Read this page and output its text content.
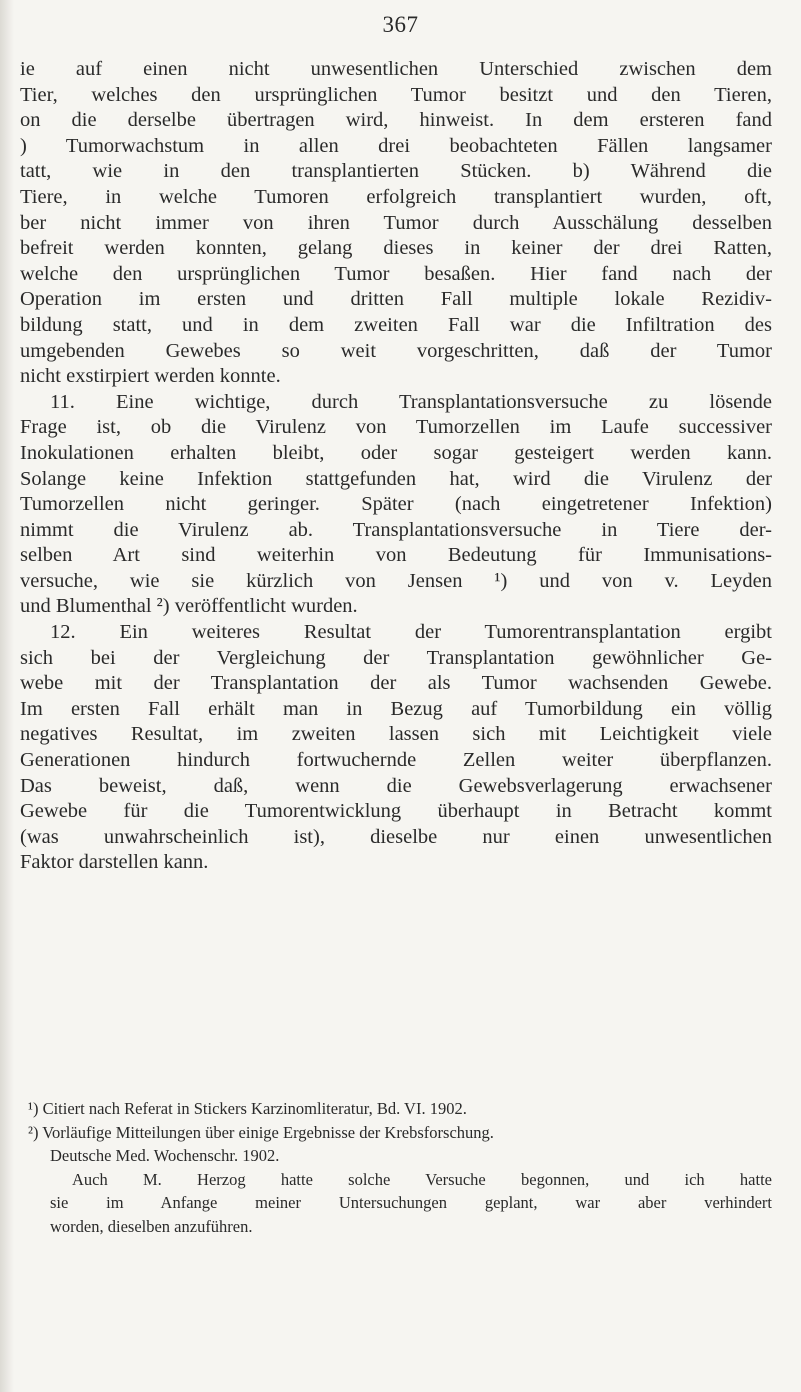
367
ie auf einen nicht unwesentlichen Unterschied zwischen dem
Tier, welches den ursprünglichen Tumor besitzt und den Tieren,
on die derselbe übertragen wird, hinweist. In dem ersteren fand
) Tumorwachstum in allen drei beobachteten Fällen langsamer
tatt, wie in den transplantierten Stücken. b) Während die
Tiere, in welche Tumoren erfolgreich transplantiert wurden, oft,
ber nicht immer von ihren Tumor durch Ausschälung desselben
befreit werden konnten, gelang dieses in keiner der drei Ratten,
welche den ursprünglichen Tumor besaßen. Hier fand nach der
Operation im ersten und dritten Fall multiple lokale Rezidiv-
bildung statt, und in dem zweiten Fall war die Infiltration des
umgebenden Gewebes so weit vorgeschritten, daß der Tumor
nicht exstirpiert werden konnte.
11. Eine wichtige, durch Transplantationsversuche zu lösende
Frage ist, ob die Virulenz von Tumorzellen im Laufe successiver
Inokulationen erhalten bleibt, oder sogar gesteigert werden kann.
Solange keine Infektion stattgefunden hat, wird die Virulenz der
Tumorzellen nicht geringer. Später (nach eingetretener Infektion)
nimmt die Virulenz ab. Transplantationsversuche in Tiere der-
selben Art sind weiterhin von Bedeutung für Immunisations-
versuche, wie sie kürzlich von Jensen ¹) und von v. Leyden
und Blumenthal ²) veröffentlicht wurden.
12. Ein weiteres Resultat der Tumorentransplantation ergibt
sich bei der Vergleichung der Transplantation gewöhnlicher Ge-
webe mit der Transplantation der als Tumor wachsenden Gewebe.
Im ersten Fall erhält man in Bezug auf Tumorbildung ein völlig
negatives Resultat, im zweiten lassen sich mit Leichtigkeit viele
Generationen hindurch fortwuchernde Zellen weiter überpflanzen.
Das beweist, daß, wenn die Gewebsverlagerung erwachsener
Gewebe für die Tumorentwicklung überhaupt in Betracht kommt
(was unwahrscheinlich ist), dieselbe nur einen unwesentlichen
Faktor darstellen kann.
¹) Citiert nach Referat in Stickers Karzinomliteratur, Bd. VI. 1902.
²) Vorläufige Mitteilungen über einige Ergebnisse der Krebsforschung.
Deutsche Med. Wochenschr. 1902.
Auch M. Herzog hatte solche Versuche begonnen, und ich hatte
sie im Anfange meiner Untersuchungen geplant, war aber verhindert
worden, dieselben anzuführen.
